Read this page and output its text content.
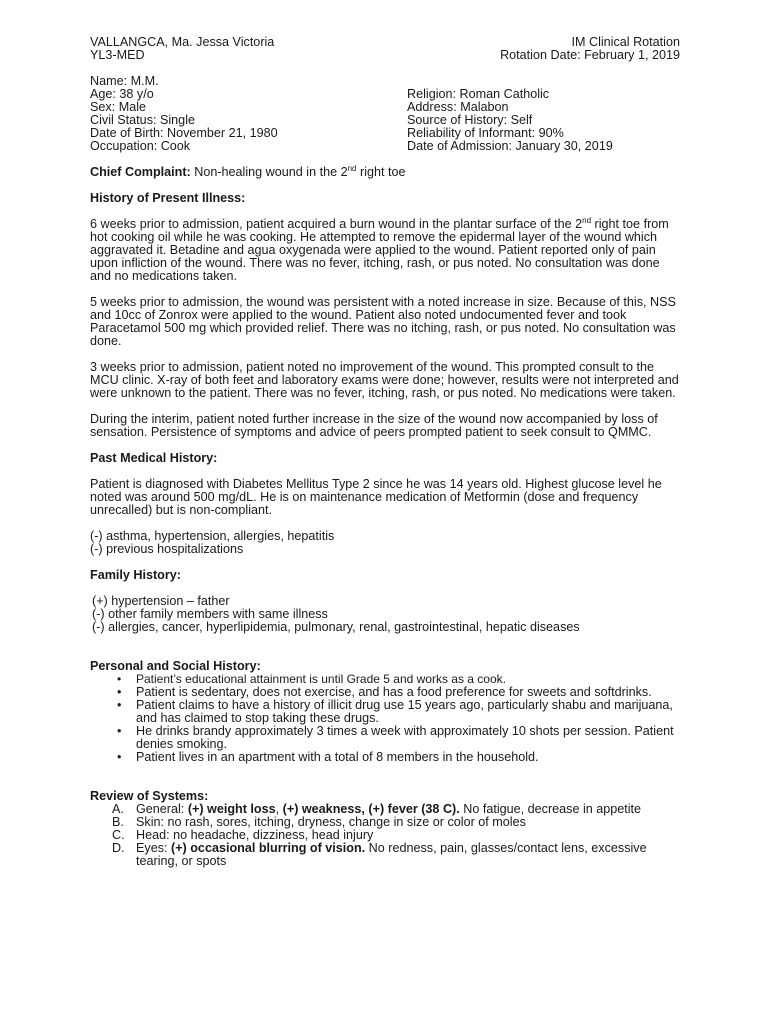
VALLANGCA, Ma. Jessa Victoria
YL3-MED
IM Clinical Rotation
Rotation Date: February 1, 2019
Name: M.M.
Age: 38 y/o
Sex: Male
Civil Status: Single
Date of Birth: November 21, 1980
Occupation: Cook
Religion: Roman Catholic
Address: Malabon
Source of History: Self
Reliability of Informant: 90%
Date of Admission: January 30, 2019

Chief Complaint: Non-healing wound in the 2nd right toe

History of Present Illness:

6 weeks prior to admission, patient acquired a burn wound in the plantar surface of the 2nd right toe from hot cooking oil while he was cooking. He attempted to remove the epidermal layer of the wound which aggravated it. Betadine and agua oxygenada were applied to the wound. Patient reported only of pain upon infliction of the wound. There was no fever, itching, rash, or pus noted. No consultation was done and no medications taken.

5 weeks prior to admission, the wound was persistent with a noted increase in size. Because of this, NSS and 10cc of Zonrox were applied to the wound. Patient also noted undocumented fever and took Paracetamol 500 mg which provided relief. There was no itching, rash, or pus noted. No consultation was done.

3 weeks prior to admission, patient noted no improvement of the wound. This prompted consult to the MCU clinic. X-ray of both feet and laboratory exams were done; however, results were not interpreted and were unknown to the patient. There was no fever, itching, rash, or pus noted. No medications were taken.

During the interim, patient noted further increase in the size of the wound now accompanied by loss of sensation. Persistence of symptoms and advice of peers prompted patient to seek consult to QMMC.

Past Medical History:

Patient is diagnosed with Diabetes Mellitus Type 2 since he was 14 years old. Highest glucose level he noted was around 500 mg/dL. He is on maintenance medication of Metformin (dose and frequency unrecalled) but is non-compliant.

(-) asthma, hypertension, allergies, hepatitis
(-) previous hospitalizations

Family History:

(+) hypertension – father
(-) other family members with same illness
(-) allergies, cancer, hyperlipidemia, pulmonary, renal, gastrointestinal, hepatic diseases

Personal and Social History:

• Patient’s educational attainment is until Grade 5 and works as a cook.
• Patient is sedentary, does not exercise, and has a food preference for sweets and softdrinks.
• Patient claims to have a history of illicit drug use 15 years ago, particularly shabu and marijuana, and has claimed to stop taking these drugs.
• He drinks brandy approximately 3 times a week with approximately 10 shots per session. Patient denies smoking.
• Patient lives in an apartment with a total of 8 members in the household.

Review of Systems:

A. General: (+) weight loss, (+) weakness, (+) fever (38 C). No fatigue, decrease in appetite
B. Skin: no rash, sores, itching, dryness, change in size or color of moles
C. Head: no headache, dizziness, head injury
D. Eyes: (+) occasional blurring of vision. No redness, pain, glasses/contact lens, excessive tearing, or spots
